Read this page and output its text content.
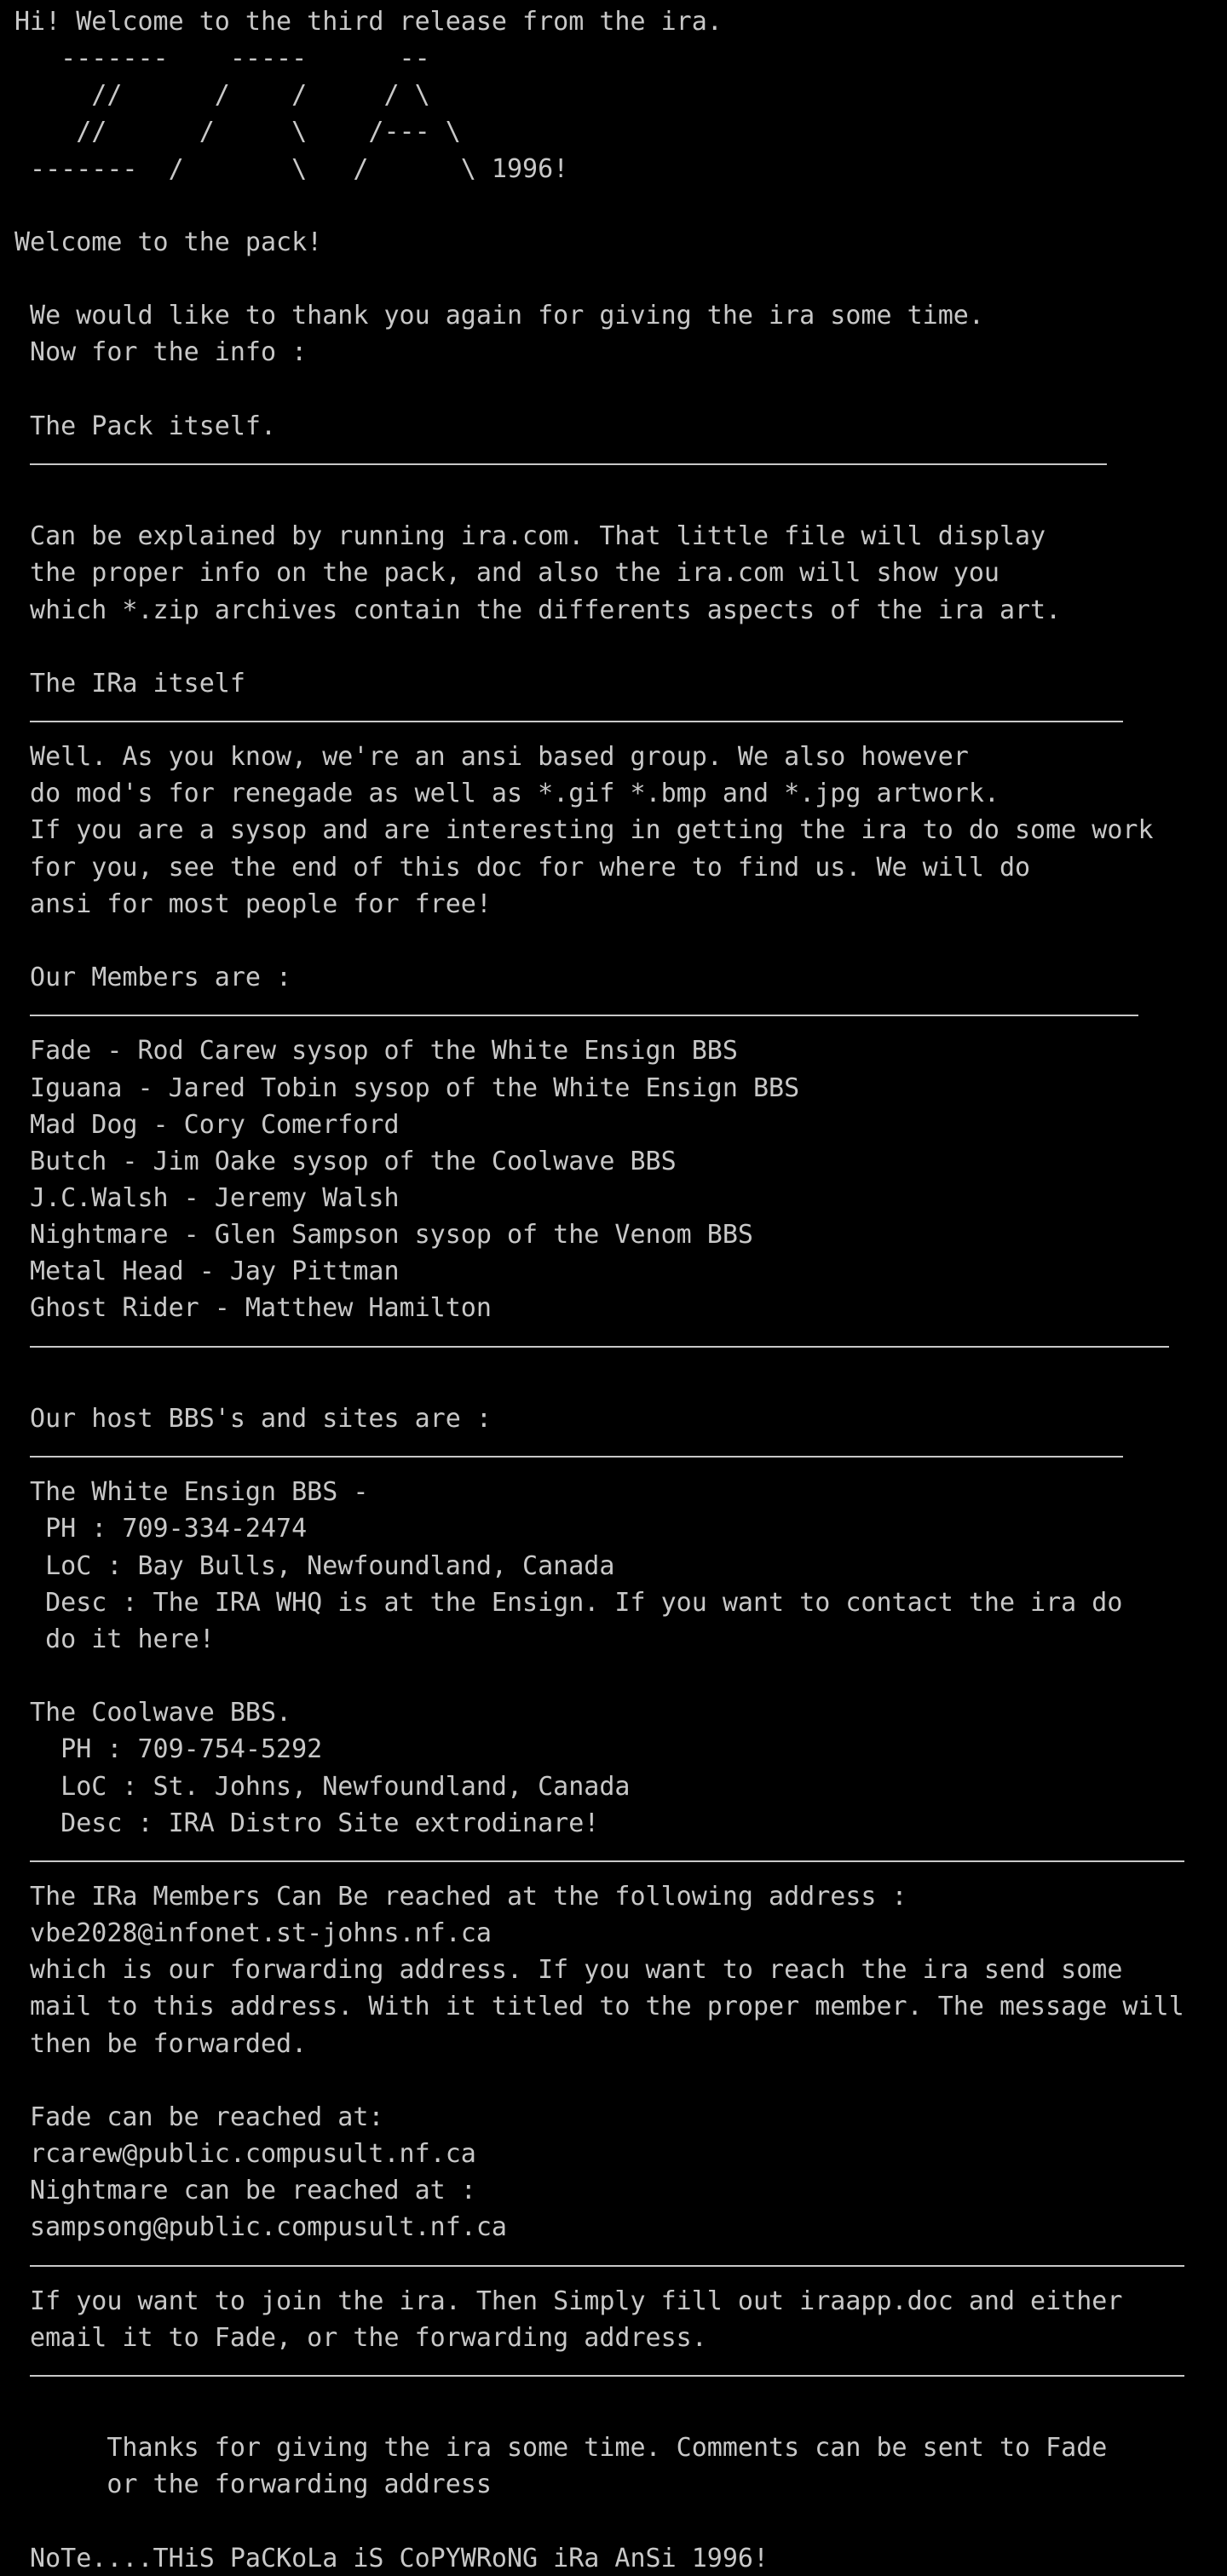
Hi! Welcome to the third release from the ira.
-------    -----      --
//      /    /     / \
//      /     \    /--- \
-------  /       \   /      \ 1996!
Welcome to the pack!
We would like to thank you again for giving the ira some time.
Now for the info :
The Pack itself.
Can be explained by running ira.com. That little file will display
the proper info on the pack, and also the ira.com will show you
which *.zip archives contain the differents aspects of the ira art.
The IRa itself
Well. As you know, we're an ansi based group. We also however
do mod's for renegade as well as *.gif *.bmp and *.jpg artwork.
If you are a sysop and are interesting in getting the ira to do some work
for you, see the end of this doc for where to find us. We will do
ansi for most people for free!
Our Members are :
Fade - Rod Carew sysop of the White Ensign BBS
Iguana - Jared Tobin sysop of the White Ensign BBS
Mad Dog - Cory Comerford
Butch - Jim Oake sysop of the Coolwave BBS
J.C.Walsh - Jeremy Walsh
Nightmare - Glen Sampson sysop of the Venom BBS
Metal Head - Jay Pittman
Ghost Rider - Matthew Hamilton
Our host BBS's and sites are :
The White Ensign BBS -
PH : 709-334-2474
LoC : Bay Bulls, Newfoundland, Canada
Desc : The IRA WHQ is at the Ensign. If you want to contact the ira do
do it here!
The Coolwave BBS.
PH : 709-754-5292
LoC : St. Johns, Newfoundland, Canada
Desc : IRA Distro Site extrodinare!
The IRa Members Can Be reached at the following address :
vbe2028@infonet.st-johns.nf.ca
which is our forwarding address. If you want to reach the ira send some
mail to this address. With it titled to the proper member. The message will
then be forwarded.
Fade can be reached at:
rcarew@public.compusult.nf.ca
Nightmare can be reached at :
sampsong@public.compusult.nf.ca
If you want to join the ira. Then Simply fill out iraapp.doc and either
email it to Fade, or the forwarding address.
Thanks for giving the ira some time. Comments can be sent to Fade
or the forwarding address
NoTe....THiS PaCKoLa iS CoPYWRoNG iRa AnSi 1996!
